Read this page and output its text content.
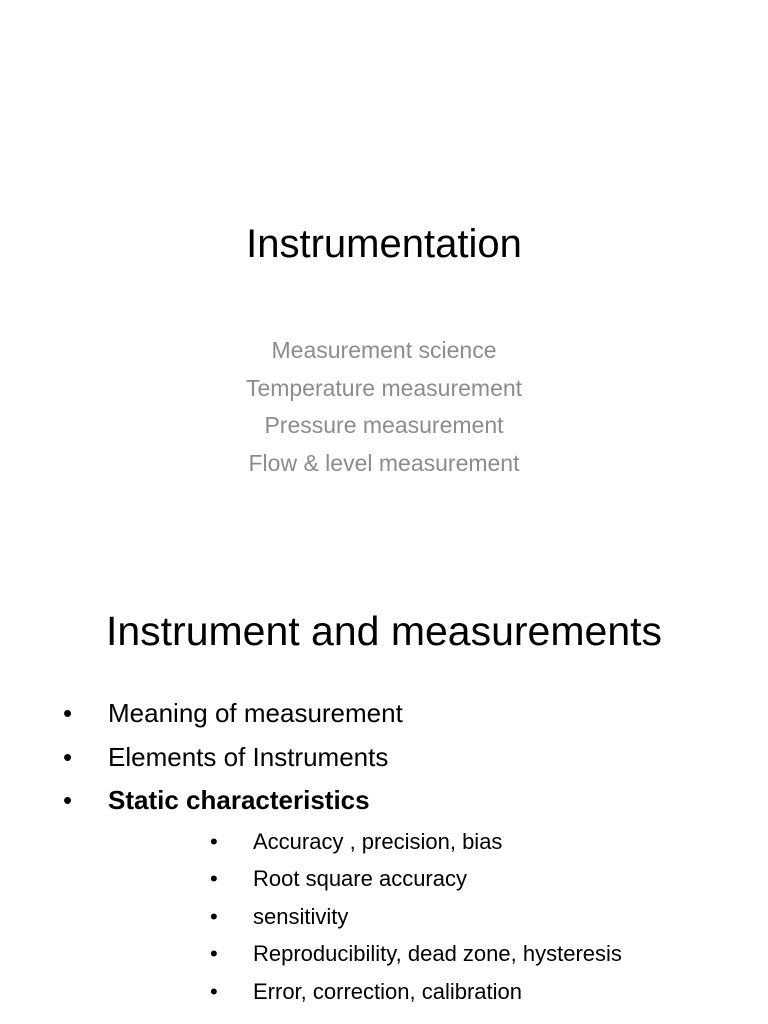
Instrumentation
Measurement science
Temperature measurement
Pressure measurement
Flow & level measurement
Instrument and measurements
• Meaning of measurement
• Elements of Instruments
• Static characteristics
• Accuracy , precision, bias
• Root square accuracy
• sensitivity
• Reproducibility, dead zone, hysteresis
• Error, correction, calibration
